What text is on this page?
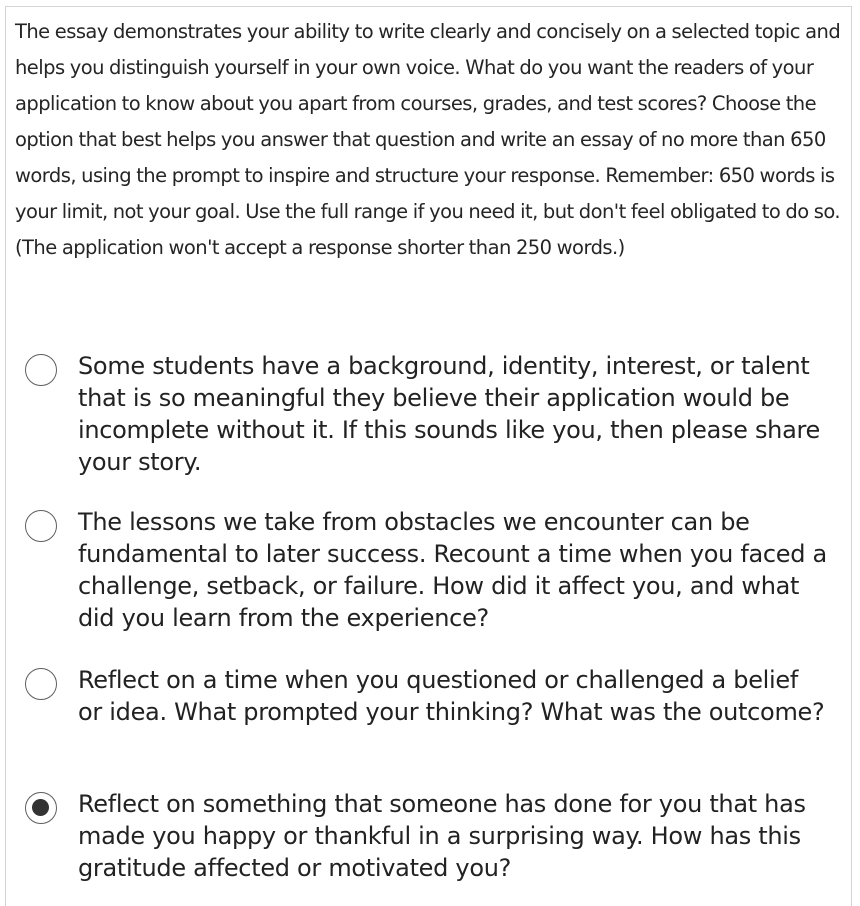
The essay demonstrates your ability to write clearly and concisely on a selected topic and helps you distinguish yourself in your own voice. What do you want the readers of your application to know about you apart from courses, grades, and test scores? Choose the option that best helps you answer that question and write an essay of no more than 650 words, using the prompt to inspire and structure your response. Remember: 650 words is your limit, not your goal. Use the full range if you need it, but don't feel obligated to do so. (The application won't accept a response shorter than 250 words.)

Some students have a background, identity, interest, or talent that is so meaningful they believe their application would be incomplete without it. If this sounds like you, then please share your story.
The lessons we take from obstacles we encounter can be fundamental to later success. Recount a time when you faced a challenge, setback, or failure. How did it affect you, and what did you learn from the experience?
Reflect on a time when you questioned or challenged a belief or idea. What prompted your thinking? What was the outcome?
Reflect on something that someone has done for you that has made you happy or thankful in a surprising way. How has this gratitude affected or motivated you?
